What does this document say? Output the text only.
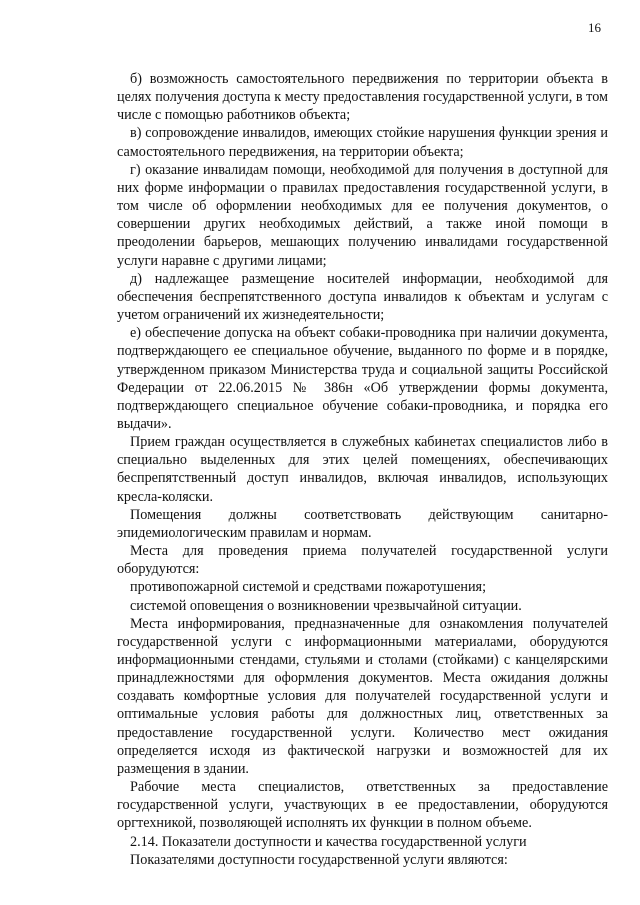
16

б) возможность самостоятельного передвижения по территории объекта в целях получения доступа к месту предоставления государственной услуги, в том числе с помощью работников объекта;

в) сопровождение инвалидов, имеющих стойкие нарушения функции зрения и самостоятельного передвижения, на территории объекта;

г) оказание инвалидам помощи, необходимой для получения в доступной для них форме информации о правилах предоставления государственной услуги, в том числе об оформлении необходимых для ее получения документов, о совершении других необходимых действий, а также иной помощи в преодолении барьеров, мешающих получению инвалидами государственной услуги наравне с другими лицами;

д) надлежащее размещение носителей информации, необходимой для обеспечения беспрепятственного доступа инвалидов к объектам и услугам с учетом ограничений их жизнедеятельности;

е) обеспечение допуска на объект собаки-проводника при наличии документа, подтверждающего ее специальное обучение, выданного по форме и в порядке, утвержденном приказом Министерства труда и социальной защиты Российской Федерации от 22.06.2015 № 386н «Об утверждении формы документа, подтверждающего специальное обучение собаки-проводника, и порядка его выдачи».

Прием граждан осуществляется в служебных кабинетах специалистов либо в специально выделенных для этих целей помещениях, обеспечивающих беспрепятственный доступ инвалидов, включая инвалидов, использующих кресла-коляски.

Помещения должны соответствовать действующим санитарно-эпидемиологическим правилам и нормам.

Места для проведения приема получателей государственной услуги оборудуются:

противопожарной системой и средствами пожаротушения;

системой оповещения о возникновении чрезвычайной ситуации.

Места информирования, предназначенные для ознакомления получателей государственной услуги с информационными материалами, оборудуются информационными стендами, стульями и столами (стойками) с канцелярскими принадлежностями для оформления документов. Места ожидания должны создавать комфортные условия для получателей государственной услуги и оптимальные условия работы для должностных лиц, ответственных за предоставление государственной услуги. Количество мест ожидания определяется исходя из фактической нагрузки и возможностей для их размещения в здании.

Рабочие места специалистов, ответственных за предоставление государственной услуги, участвующих в ее предоставлении, оборудуются оргтехникой, позволяющей исполнять их функции в полном объеме.

2.14. Показатели доступности и качества государственной услуги

Показателями доступности государственной услуги являются:
